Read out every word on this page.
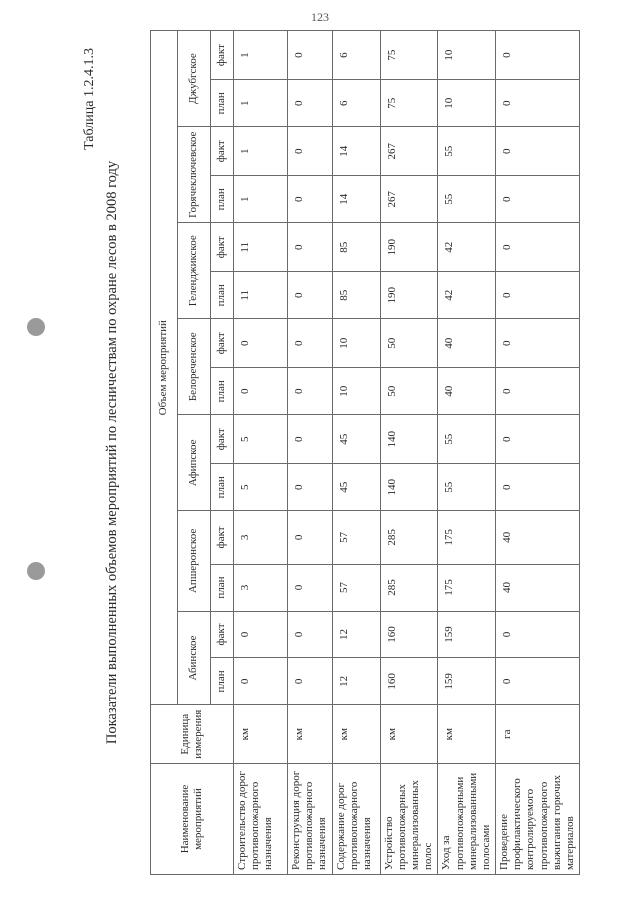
123
Таблица 1.2.4.1.3
Показатели выполненных объемов мероприятий по лесничествам по охране лесов в 2008 году
Наименование мероприятий	Единица измерения	Объем мероприятий													
		Абинское		Апшеронское		Афипское		Белореченское		Геленджикское		Горячеключевское		Джубгское	
		план	факт	план	факт	план	факт	план	факт	план	факт	план	факт	план	факт
Строительство дорог противопожарного назначения	км	0	0	3	3	5	5	0	0	11	11	1	1	1	1
Реконструкция дорог противопожарного назначения	км	0	0	0	0	0	0	0	0	0	0	0	0	0	0
Содержание дорог противопожарного назначения	км	12	12	57	57	45	45	10	10	85	85	14	14	6	6
Устройство противопожарных минерализованных полос	км	160	160	285	285	140	140	50	50	190	190	267	267	75	75
Уход за противопожарными минерализованными полосами	км	159	159	175	175	55	55	40	40	42	42	55	55	10	10
Проведение профилактического контролируемого противопожарного выжигания горючих материалов	га	0	0	40	40	0	0	0	0	0	0	0	0	0	0
